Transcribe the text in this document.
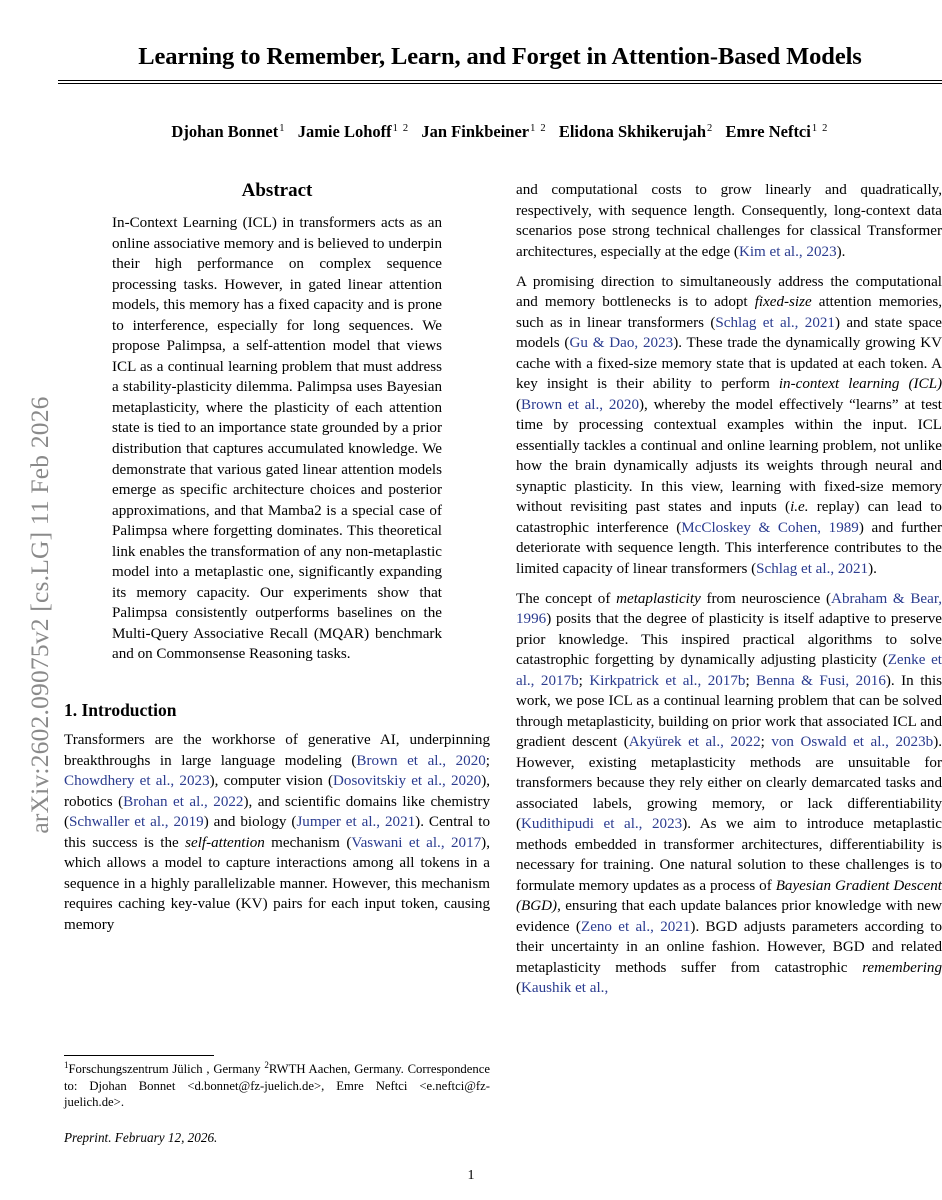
arXiv:2602.09075v2 [cs.LG] 11 Feb 2026
Learning to Remember, Learn, and Forget in Attention-Based Models
Djohan Bonnet$^1$ Jamie Lohoff$^{1 2}$ Jan Finkbeiner$^{1 2}$ Elidona Skhikerujah$^2$ Emre Neftci$^{1 2}$
Abstract

In-Context Learning (ICL) in transformers acts as an online associative memory and is believed to underpin their high performance on complex sequence processing tasks. However, in gated linear attention models, this memory has a fixed capacity and is prone to interference, especially for long sequences. We propose Palimpsa, a self-attention model that views ICL as a continual learning problem that must address a stability-plasticity dilemma. Palimpsa uses Bayesian metaplasticity, where the plasticity of each attention state is tied to an importance state grounded by a prior distribution that captures accumulated knowledge. We demonstrate that various gated linear attention models emerge as specific architecture choices and posterior approximations, and that Mamba2 is a special case of Palimpsa where forgetting dominates. This theoretical link enables the transformation of any non-metaplastic model into a metaplastic one, significantly expanding its memory capacity. Our experiments show that Palimpsa consistently outperforms baselines on the Multi-Query Associative Recall (MQAR) benchmark and on Commonsense Reasoning tasks.

1. Introduction

Transformers are the workhorse of generative AI, underpinning breakthroughs in large language modeling (Brown et al., 2020; Chowdhery et al., 2023), computer vision (Dosovitskiy et al., 2020), robotics (Brohan et al., 2022), and scientific domains like chemistry (Schwaller et al., 2019) and biology (Jumper et al., 2021). Central to this success is the self-attention mechanism (Vaswani et al., 2017), which allows a model to capture interactions among all tokens in a sequence in a highly parallelizable manner. However, this mechanism requires caching key-value (KV) pairs for each input token, causing memory

and computational costs to grow linearly and quadratically, respectively, with sequence length. Consequently, long-context data scenarios pose strong technical challenges for classical Transformer architectures, especially at the edge (Kim et al., 2023).

A promising direction to simultaneously address the computational and memory bottlenecks is to adopt fixed-size attention memories, such as in linear transformers (Schlag et al., 2021) and state space models (Gu & Dao, 2023). These trade the dynamically growing KV cache with a fixed-size memory state that is updated at each token. A key insight is their ability to perform in-context learning (ICL) (Brown et al., 2020), whereby the model effectively “learns” at test time by processing contextual examples within the input. ICL essentially tackles a continual and online learning problem, not unlike how the brain dynamically adjusts its weights through neural and synaptic plasticity. In this view, learning with fixed-size memory without revisiting past states and inputs (i.e. replay) can lead to catastrophic interference (McCloskey & Cohen, 1989) and further deteriorate with sequence length. This interference contributes to the limited capacity of linear transformers (Schlag et al., 2021).

The concept of metaplasticity from neuroscience (Abraham & Bear, 1996) posits that the degree of plasticity is itself adaptive to preserve prior knowledge. This inspired practical algorithms to solve catastrophic forgetting by dynamically adjusting plasticity (Zenke et al., 2017b; Kirkpatrick et al., 2017b; Benna & Fusi, 2016). In this work, we pose ICL as a continual learning problem that can be solved through metaplasticity, building on prior work that associated ICL and gradient descent (Akyürek et al., 2022; von Oswald et al., 2023b). However, existing metaplasticity methods are unsuitable for transformers because they rely either on clearly demarcated tasks and associated labels, growing memory, or lack differentiability (Kudithipudi et al., 2023). As we aim to introduce metaplastic methods embedded in transformer architectures, differentiability is necessary for training. One natural solution to these challenges is to formulate memory updates as a process of Bayesian Gradient Descent (BGD), ensuring that each update balances prior knowledge with new evidence (Zeno et al., 2021). BGD adjusts parameters according to their uncertainty in an online fashion. However, BGD and related metaplasticity methods suffer from catastrophic remembering (Kaushik et al.,

$^1$Forschungszentrum Jülich , Germany $^2$RWTH Aachen, Germany. Correspondence to: Djohan Bonnet <d.bonnet@fz-juelich.de>, Emre Neftci <e.neftci@fz-juelich.de>.

Preprint. February 12, 2026.

1
